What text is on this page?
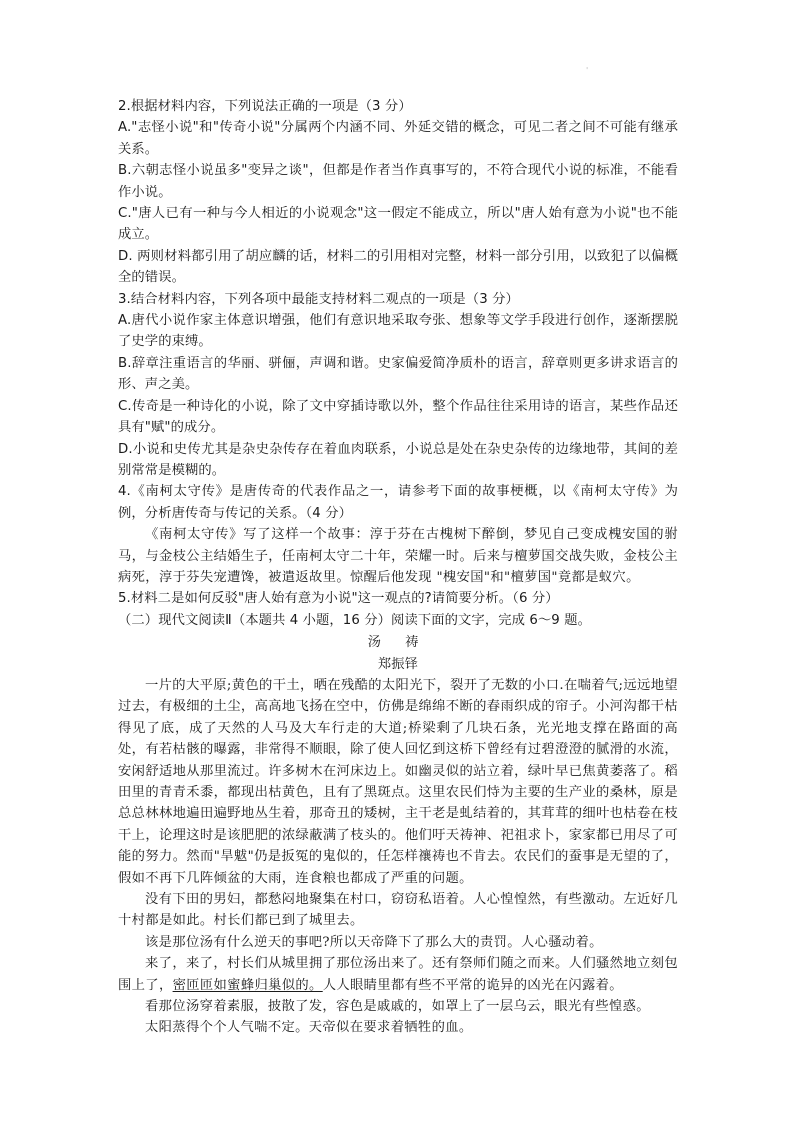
'

2.根据材料内容，下列说法正确的一项是（3 分）

A."志怪小说"和"传奇小说"分属两个内涵不同、外延交错的概念，可见二者之间不可能有继承关系。

B.六朝志怪小说虽多"变异之谈"，但都是作者当作真事写的，不符合现代小说的标准，不能看作小说。

C."唐人已有一种与今人相近的小说观念"这一假定不能成立，所以"唐人始有意为小说"也不能成立。

D. 两则材料都引用了胡应麟的话，材料二的引用相对完整，材料一部分引用，以致犯了以偏概全的错误。

3.结合材料内容，下列各项中最能支持材料二观点的一项是（3 分）

A.唐代小说作家主体意识增强，他们有意识地采取夸张、想象等文学手段进行创作，逐渐摆脱了史学的束缚。

B.辞章注重语言的华丽、骈俪，声调和谐。史家偏爱简净质朴的语言，辞章则更多讲求语言的形、声之美。

C.传奇是一种诗化的小说，除了文中穿插诗歌以外，整个作品往往采用诗的语言，某些作品还具有"赋"的成分。

D.小说和史传尤其是杂史杂传存在着血肉联系，小说总是处在杂史杂传的边缘地带，其间的差别常常是模糊的。

4.《南柯太守传》是唐传奇的代表作品之一，请参考下面的故事梗概，以《南柯太守传》为例，分析唐传奇与传记的关系。（4 分）

《南柯太守传》写了这样一个故事：淳于芬在古槐树下醉倒，梦见自己变成槐安国的驸马，与金枝公主结婚生子，任南柯太守二十年，荣耀一时。后来与檀萝国交战失败，金枝公主病死，淳于芬失宠遭馋，被遣返故里。惊醒后他发现 "槐安国"和"檀萝国"竟都是蚁穴。

5.材料二是如何反驳"唐人始有意为小说"这一观点的?请简要分析。（6 分）

（二）现代文阅读Ⅱ（本题共 4 小题，16 分）阅读下面的文字，完成 6～9 题。

汤 祷

郑振铎

一片的大平原;黄色的干土，晒在残酷的太阳光下，裂开了无数的小口.在喘着气;远远地望过去，有极细的土尘，高高地飞扬在空中，仿佛是绵绵不断的春雨织成的帘子。小河沟都干枯得见了底，成了天然的人马及大车行走的大道;桥梁剩了几块石条，光光地支撑在路面的高处，有若枯骸的曝露，非常得不顺眼，除了使人回忆到这桥下曾经有过碧澄澄的腻滑的水流，安闲舒适地从那里流过。许多树木在河床边上。如幽灵似的站立着，绿叶早已焦黄萎落了。稻田里的青青禾黍，都现出枯黄色，且有了黑斑点。这里农民们恃为主要的生产业的桑林，原是总总林林地遍田遍野地丛生着，那奇丑的矮树，主干老是虬结着的，其茸茸的细叶也枯卷在枝干上，论理这时是该肥肥的浓绿蔽满了枝头的。他们吁天祷神、祀祖求卜，家家都已用尽了可能的努力。然而"旱魃"仍是扳冤的鬼似的，任怎样禳祷也不肯去。农民们的蚕事是无望的了，假如不再下几阵倾盆的大雨，连食粮也都成了严重的问题。

没有下田的男妇，都愁闷地聚集在村口，窃窃私语着。人心惶惶然，有些激动。左近好几十村都是如此。村长们都已到了城里去。

该是那位汤有什么逆天的事吧?所以天帝降下了那么大的责罚。人心骚动着。

来了，来了，村长们从城里拥了那位汤出来了。还有祭师们随之而来。人们骚然地立刻包围上了，密匝匝如蜜蜂归巢似的。人人眼睛里都有些不平常的诡异的凶光在闪露着。

看那位汤穿着素服，披散了发，容色是戚戚的，如罩上了一层乌云，眼光有些惶惑。

太阳蒸得个个人气喘不定。天帝似在要求着牺牲的血。
